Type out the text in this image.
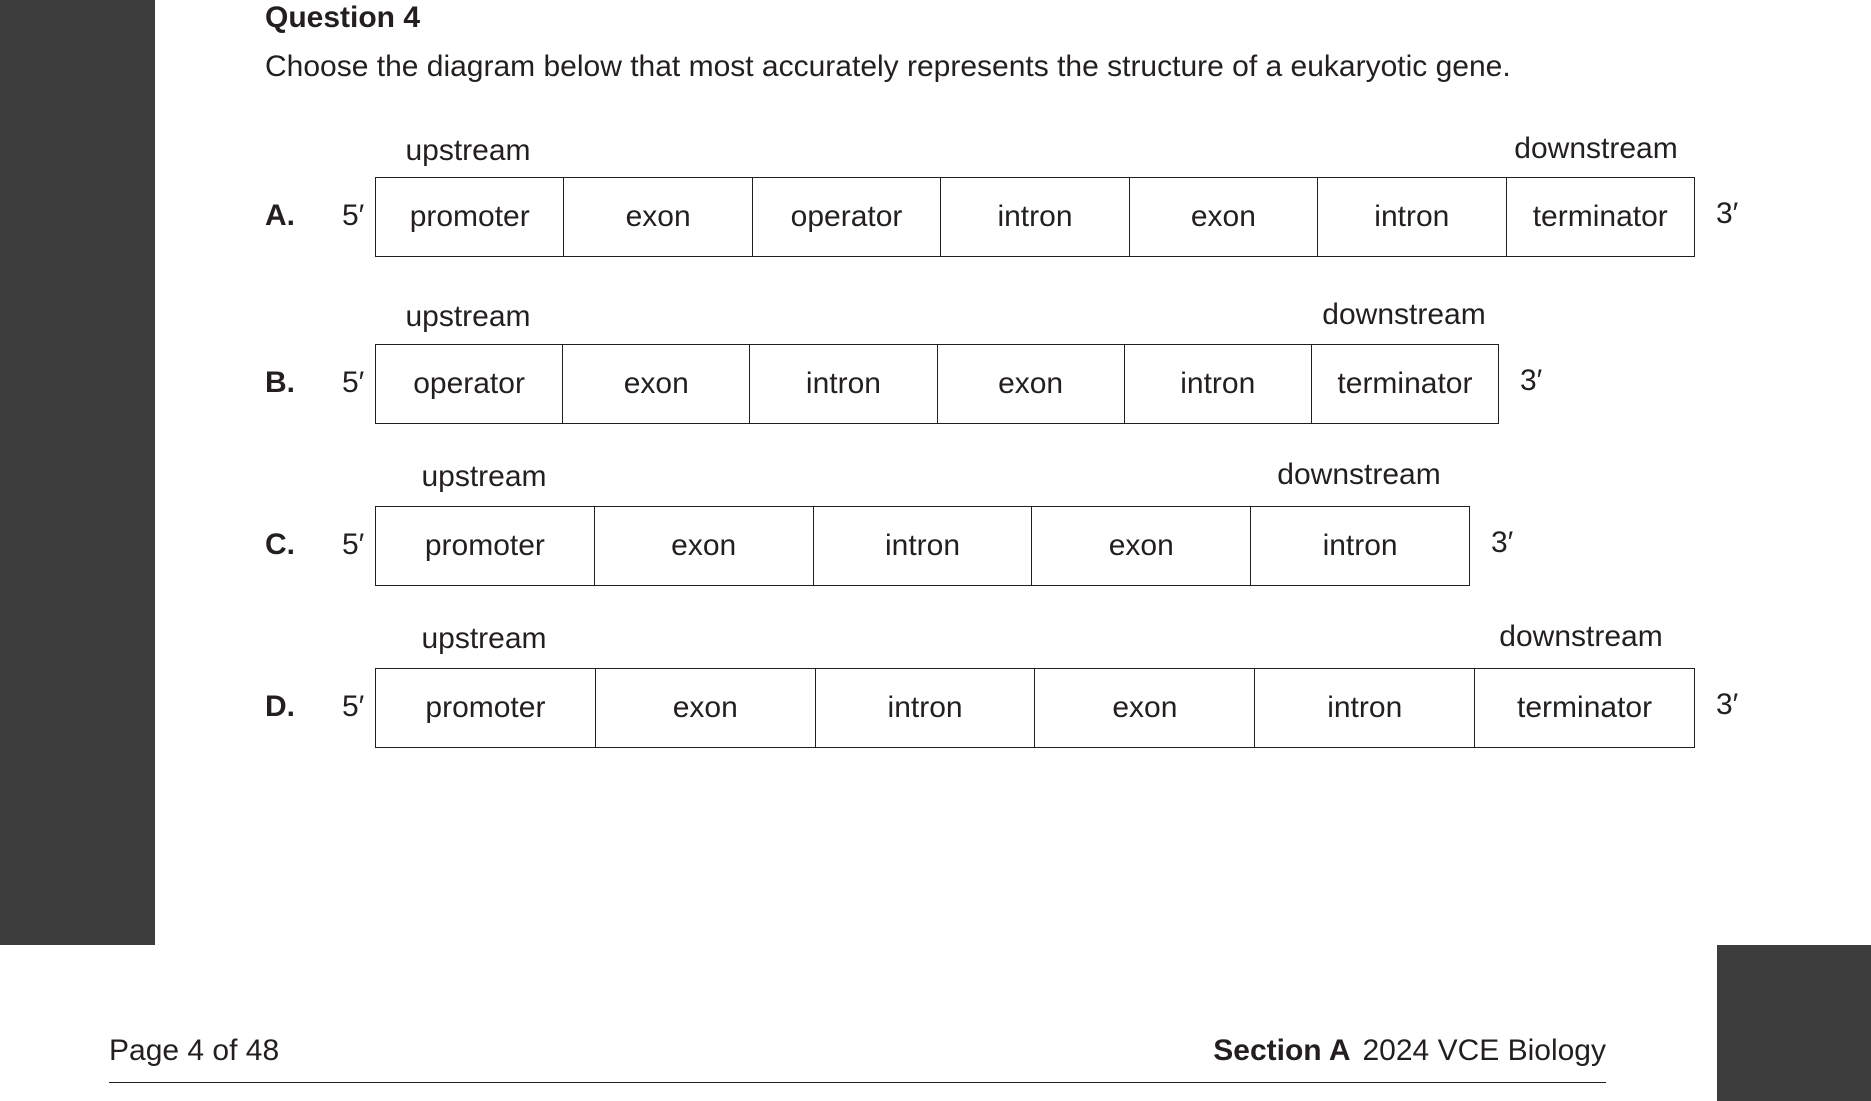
Question 4
Choose the diagram below that most accurately represents the structure of a eukaryotic gene.
upstream	downstream
A. 5′	promoter	exon	operator	intron	exon	intron	terminator	3′
upstream	downstream
B. 5′	operator	exon	intron	exon	intron	terminator	3′
upstream	downstream
C. 5′	promoter	exon	intron	exon	intron	3′
upstream	downstream
D. 5′	promoter	exon	intron	exon	intron	terminator	3′
Page 4 of 48	Section A 2024 VCE Biology
